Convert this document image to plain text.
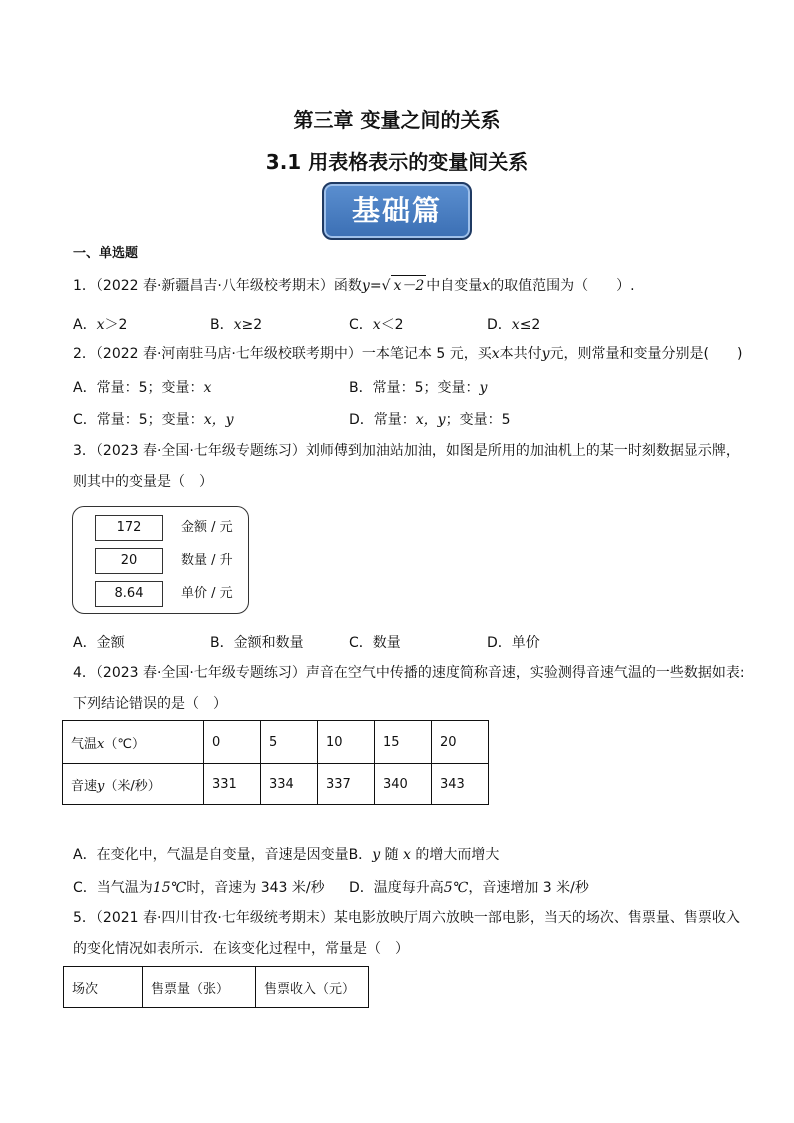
第三章 变量之间的关系
3.1 用表格表示的变量间关系
基础篇
一、单选题
1．（2022 春·新疆昌吉·八年级校考期末）函数y=√ x－2 中自变量x的取值范围为（　　）.
A．x＞2	B．x≥2	C．x＜2	D．x≤2
2．（2022 春·河南驻马店·七年级校联考期中）一本笔记本 5 元，买x本共付y元，则常量和变量分别是(　　)
A．常量：5；变量：x	B．常量：5；变量：y
C．常量：5；变量：x，y	D．常量：x，y；变量：5
3．（2023 春·全国·七年级专题练习）刘师傅到加油站加油，如图是所用的加油机上的某一时刻数据显示牌，
则其中的变量是（　）
172	金额 / 元
20	数量 / 升
8.64	单价 / 元
A．金额	B．金额和数量	C．数量	D．单价
4．（2023 春·全国·七年级专题练习）声音在空气中传播的速度简称音速，实验测得音速气温的一些数据如表:
下列结论错误的是（　）
气温x（℃）	0	5	10	15	20
音速y（米/秒）	331	334	337	340	343
A．在变化中，气温是自变量，音速是因变量B．y 随 x 的增大而增大
C．当气温为15℃时，音速为 343 米/秒 D．温度每升高5℃，音速增加 3 米/秒
5．（2021 春·四川甘孜·七年级统考期末）某电影放映厅周六放映一部电影，当天的场次、售票量、售票收入
的变化情况如表所示．在该变化过程中，常量是（　）
场次	售票量（张）	售票收入（元）
